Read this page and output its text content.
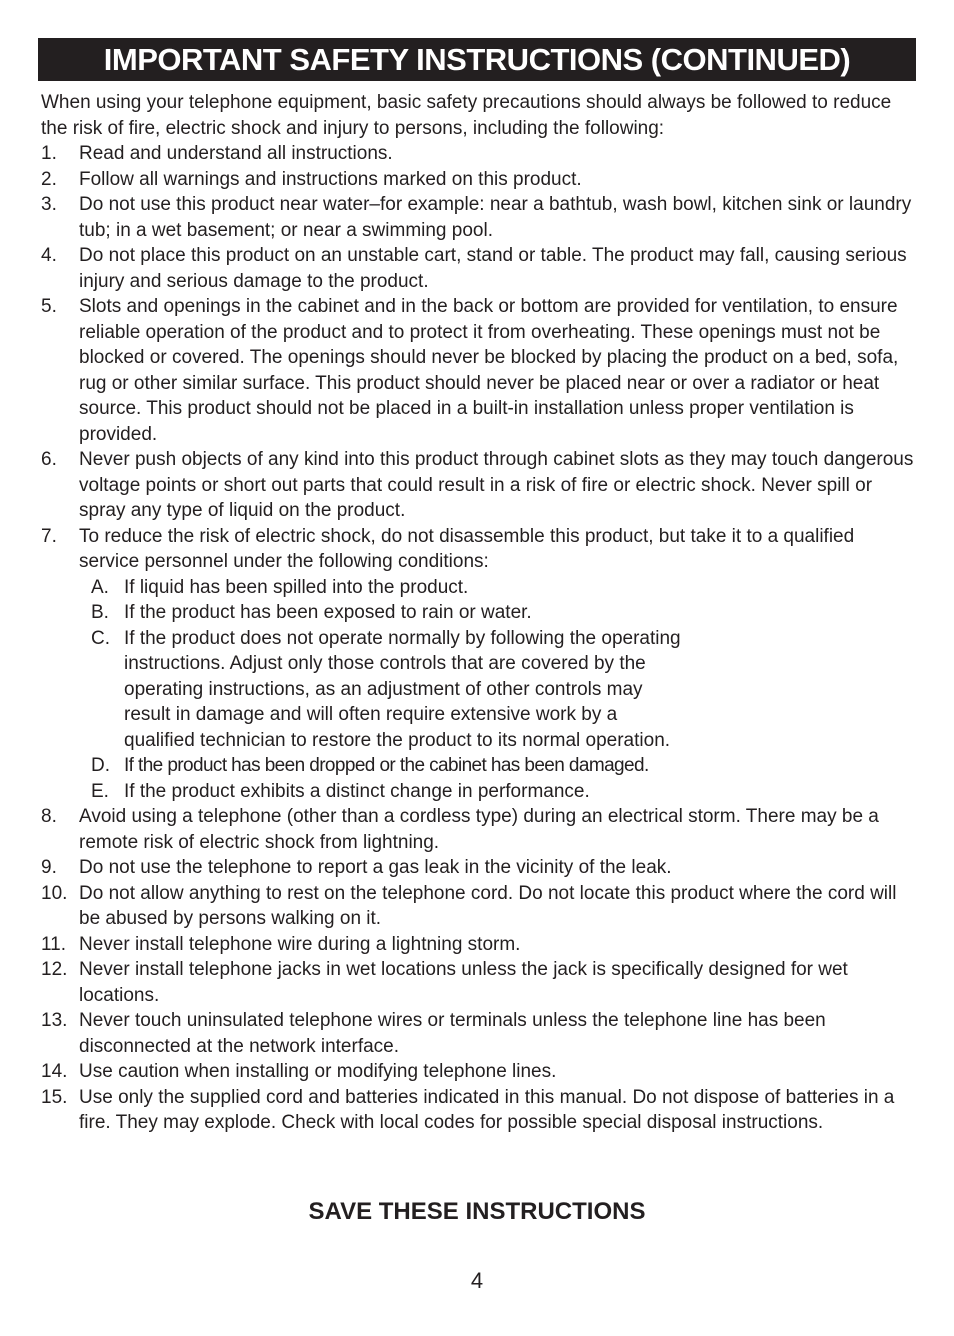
IMPORTANT SAFETY INSTRUCTIONS (CONTINUED)

When using your telephone equipment, basic safety precautions should always be followed to reduce the risk of fire, electric shock and injury to persons, including the following:

1. Read and understand all instructions.
2. Follow all warnings and instructions marked on this product.
3. Do not use this product near water–for example: near a bathtub, wash bowl, kitchen sink or laundry tub; in a wet basement; or near a swimming pool.
4. Do not place this product on an unstable cart, stand or table. The product may fall, causing serious injury and serious damage to the product.
5. Slots and openings in the cabinet and in the back or bottom are provided for ventilation, to ensure reliable operation of the product and to protect it from overheating. These openings must not be blocked or covered. The openings should never be blocked by placing the product on a bed, sofa, rug or other similar surface. This product should never be placed near or over a radiator or heat source. This product should not be placed in a built-in installation unless proper ventilation is provided.
6. Never push objects of any kind into this product through cabinet slots as they may touch dangerous voltage points or short out parts that could result in a risk of fire or electric shock. Never spill or spray any type of liquid on the product.
7. To reduce the risk of electric shock, do not disassemble this product, but take it to a qualified service personnel under the following conditions:
A. If liquid has been spilled into the product.
B. If the product has been exposed to rain or water.
C. If the product does not operate normally by following the operating instructions. Adjust only those controls that are covered by the operating instructions, as an adjustment of other controls may result in damage and will often require extensive work by a qualified technician to restore the product to its normal operation.
D. If the product has been dropped or the cabinet has been damaged.
E. If the product exhibits a distinct change in performance.
8. Avoid using a telephone (other than a cordless type) during an electrical storm. There may be a remote risk of electric shock from lightning.
9. Do not use the telephone to report a gas leak in the vicinity of the leak.
10. Do not allow anything to rest on the telephone cord. Do not locate this product where the cord will be abused by persons walking on it.
11. Never install telephone wire during a lightning storm.
12. Never install telephone jacks in wet locations unless the jack is specifically designed for wet locations.
13. Never touch uninsulated telephone wires or terminals unless the telephone line has been disconnected at the network interface.
14. Use caution when installing or modifying telephone lines.
15. Use only the supplied cord and batteries indicated in this manual. Do not dispose of batteries in a fire. They may explode. Check with local codes for possible special disposal instructions.
SAVE THESE INSTRUCTIONS
4
